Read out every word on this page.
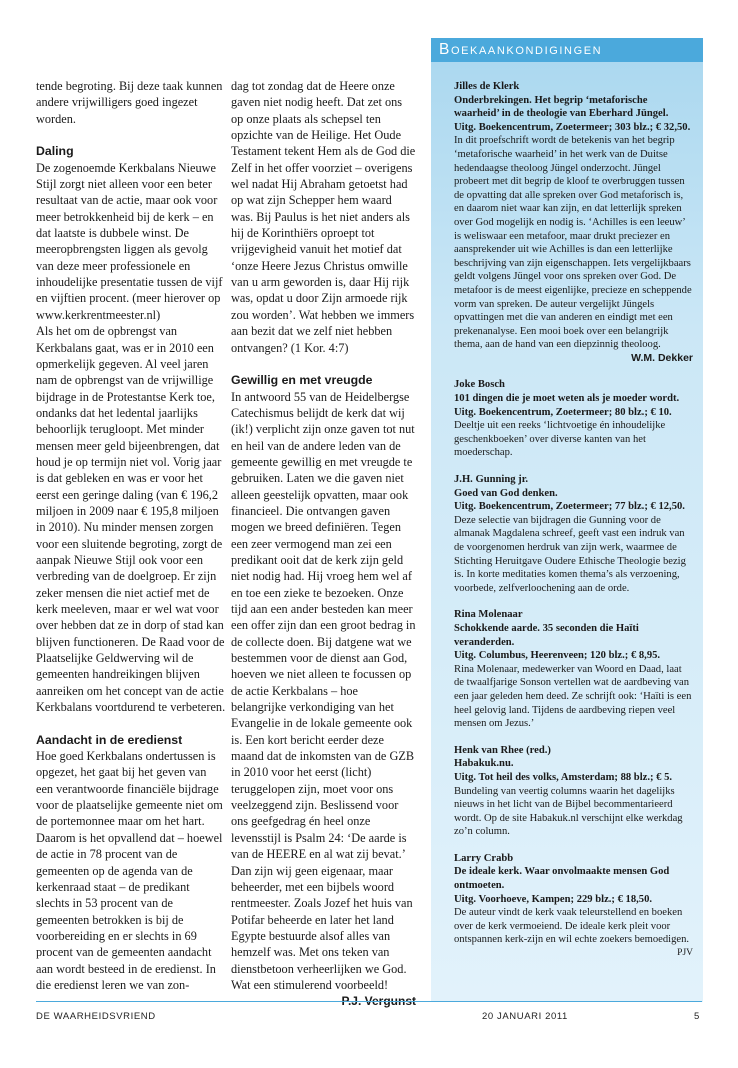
tende begroting. Bij deze taak kunnen andere vrijwilligers goed ingezet worden.

Daling

De zogenoemde Kerkbalans Nieuwe Stijl zorgt niet alleen voor een beter resultaat van de actie, maar ook voor meer betrokkenheid bij de kerk – en dat laatste is dubbele winst. De meeropbrengsten liggen als gevolg van deze meer professionele en inhoudelijke presentatie tussen de vijf en vijftien procent. (meer hierover op www.kerkrentmeester.nl)

Als het om de opbrengst van Kerkbalans gaat, was er in 2010 een opmerkelijk gegeven. Al veel jaren nam de opbrengst van de vrijwillige bijdrage in de Protestantse Kerk toe, ondanks dat het ledental jaarlijks behoorlijk terugloopt. Met minder mensen meer geld bijeenbrengen, dat houd je op termijn niet vol. Vorig jaar is dat gebleken en was er voor het eerst een geringe daling (van € 196,2 miljoen in 2009 naar € 195,8 miljoen in 2010). Nu minder mensen zorgen voor een sluitende begroting, zorgt de aanpak Nieuwe Stijl ook voor een verbreding van de doelgroep. Er zijn zeker mensen die niet actief met de kerk meeleven, maar er wel wat voor over hebben dat ze in dorp of stad kan blijven functioneren. De Raad voor de Plaatselijke Geldwerving wil de gemeenten handreikingen blijven aanreiken om het concept van de actie Kerkbalans voortdurend te verbeteren.

Aandacht in de eredienst

Hoe goed Kerkbalans ondertussen is opgezet, het gaat bij het geven van een verantwoorde financiële bijdrage voor de plaatselijke gemeente niet om de portemonnee maar om het hart. Daarom is het opvallend dat – hoewel de actie in 78 procent van de gemeenten op de agenda van de kerkenraad staat – de predikant slechts in 53 procent van de gemeenten betrokken is bij de voorbereiding en er slechts in 69 procent van de gemeenten aandacht aan wordt besteed in de eredienst. In die eredienst leren we van zon-

dag tot zondag dat de Heere onze gaven niet nodig heeft. Dat zet ons op onze plaats als schepsel ten opzichte van de Heilige. Het Oude Testament tekent Hem als de God die Zelf in het offer voorziet – overigens wel nadat Hij Abraham getoetst had op wat zijn Schepper hem waard was. Bij Paulus is het niet anders als hij de Korinthiërs oproept tot vrijgevigheid vanuit het motief dat ‘onze Heere Jezus Christus omwille van u arm geworden is, daar Hij rijk was, opdat u door Zijn armoede rijk zou worden’. Wat hebben we immers aan bezit dat we zelf niet hebben ontvangen? (1 Kor. 4:7)

Gewillig en met vreugde

In antwoord 55 van de Heidelbergse Catechismus belijdt de kerk dat wij (ik!) verplicht zijn onze gaven tot nut en heil van de andere leden van de gemeente gewillig en met vreugde te gebruiken. Laten we die gaven niet alleen geestelijk opvatten, maar ook financieel. Die ontvangen gaven mogen we breed definiëren. Tegen een zeer vermogend man zei een predikant ooit dat de kerk zijn geld niet nodig had. Hij vroeg hem wel af en toe een zieke te bezoeken. Onze tijd aan een ander besteden kan meer een offer zijn dan een groot bedrag in de collecte doen. Bij datgene wat we bestemmen voor de dienst aan God, hoeven we niet alleen te focussen op de actie Kerkbalans – hoe belangrijke verkondiging van het Evangelie in de lokale gemeente ook is. Een kort bericht eerder deze maand dat de inkomsten van de GZB in 2010 voor het eerst (licht) teruggelopen zijn, moet voor ons veelzeggend zijn. Beslissend voor ons geefgedrag én heel onze levensstijl is Psalm 24: ‘De aarde is van de HEERE en al wat zij bevat.’

Dan zijn wij geen eigenaar, maar beheerder, met een bijbels woord rentmeester. Zoals Jozef het huis van Potifar beheerde en later het land Egypte bestuurde alsof alles van hemzelf was. Met ons teken van dienstbetoon verheerlijken we God. Wat een stimulerend voorbeeld!

P.J. Vergunst
Boekaankondigingen
Jilles de Klerk
Onderbrekingen. Het begrip ‘metaforische waarheid’ in de theologie van Eberhard Jüngel.
Uitg. Boekencentrum, Zoetermeer; 303 blz.; € 32,50.
In dit proefschrift wordt de betekenis van het begrip ‘metaforische waarheid’ in het werk van de Duitse hedendaagse theoloog Jüngel onderzocht. Jüngel probeert met dit begrip de kloof te overbruggen tussen de opvatting dat alle spreken over God metaforisch is, en daarom niet waar kan zijn, en dat letterlijk spreken over God mogelijk en nodig is. ‘Achilles is een leeuw’ is weliswaar een metafoor, maar drukt preciezer en aansprekender uit wie Achilles is dan een letterlijke beschrijving van zijn eigenschappen. Iets vergelijkbaars geldt volgens Jüngel voor ons spreken over God. De metafoor is de meest eigenlijke, precieze en scheppende vorm van spreken. De auteur vergelijkt Jüngels opvattingen met die van anderen en eindigt met een prekenanalyse. Een mooi boek over een belangrijk thema, aan de hand van een diepzinnig theoloog.
W.M. Dekker
Joke Bosch
101 dingen die je moet weten als je moeder wordt.
Uitg. Boekencentrum, Zoetermeer; 80 blz.; € 10.
Deeltje uit een reeks ‘lichtvoetige én inhoudelijke geschenkboeken’ over diverse kanten van het moederschap.
J.H. Gunning jr.
Goed van God denken.
Uitg. Boekencentrum, Zoetermeer; 77 blz.; € 12,50.
Deze selectie van bijdragen die Gunning voor de almanak Magdalena schreef, geeft vast een indruk van de voorgenomen herdruk van zijn werk, waarmee de Stichting Heruitgave Oudere Ethische Theologie bezig is. In korte meditaties komen thema’s als verzoening, voorbede, zelfverloochening aan de orde.
Rina Molenaar
Schokkende aarde. 35 seconden die Haïti veranderden.
Uitg. Columbus, Heerenveen; 120 blz.; € 8,95.
Rina Molenaar, medewerker van Woord en Daad, laat de twaalfjarige Sonson vertellen wat de aardbeving van een jaar geleden hem deed. Ze schrijft ook: ‘Haïti is een heel gelovig land. Tijdens de aardbeving riepen veel mensen om Jezus.’
Henk van Rhee (red.)
Habakuk.nu.
Uitg. Tot heil des volks, Amsterdam; 88 blz.; € 5.
Bundeling van veertig columns waarin het dagelijks nieuws in het licht van de Bijbel becommentarieerd wordt. Op de site Habakuk.nl verschijnt elke werkdag zo’n column.
Larry Crabb
De ideale kerk. Waar onvolmaakte mensen God ontmoeten.
Uitg. Voorhoeve, Kampen; 229 blz.; € 18,50.
De auteur vindt de kerk vaak teleurstellend en boeken over de kerk vermoeiend. De ideale kerk pleit voor ontspannen kerk-zijn en wil echte zoekers bemoedigen.
PJV
DE WAARHEIDSVRIEND	20 JANUARI 2011	5
